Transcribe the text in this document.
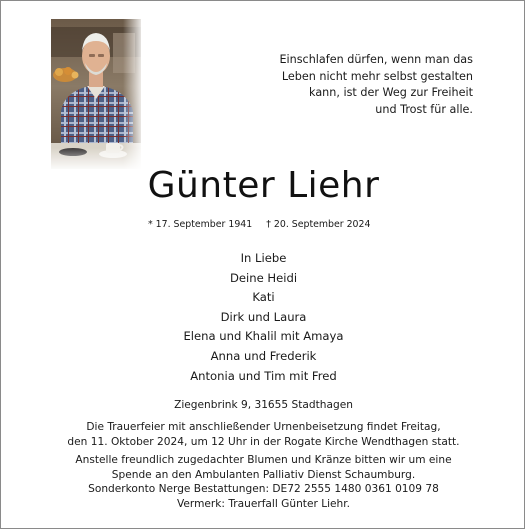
Einschlafen dürfen, wenn man das
Leben nicht mehr selbst gestalten
kann, ist der Weg zur Freiheit
und Trost für alle.
Günter Liehr
* 17. September 1941 † 20. September 2024
In Liebe
Deine Heidi
Kati
Dirk und Laura
Elena und Khalil mit Amaya
Anna und Frederik
Antonia und Tim mit Fred
Ziegenbrink 9, 31655 Stadthagen
Die Trauerfeier mit anschließender Urnenbeisetzung findet Freitag,
den 11. Oktober 2024, um 12 Uhr in der Rogate Kirche Wendthagen statt.
Anstelle freundlich zugedachter Blumen und Kränze bitten wir um eine
Spende an den Ambulanten Palliativ Dienst Schaumburg.
Sonderkonto Nerge Bestattungen: DE72 2555 1480 0361 0109 78
Vermerk: Trauerfall Günter Liehr.
